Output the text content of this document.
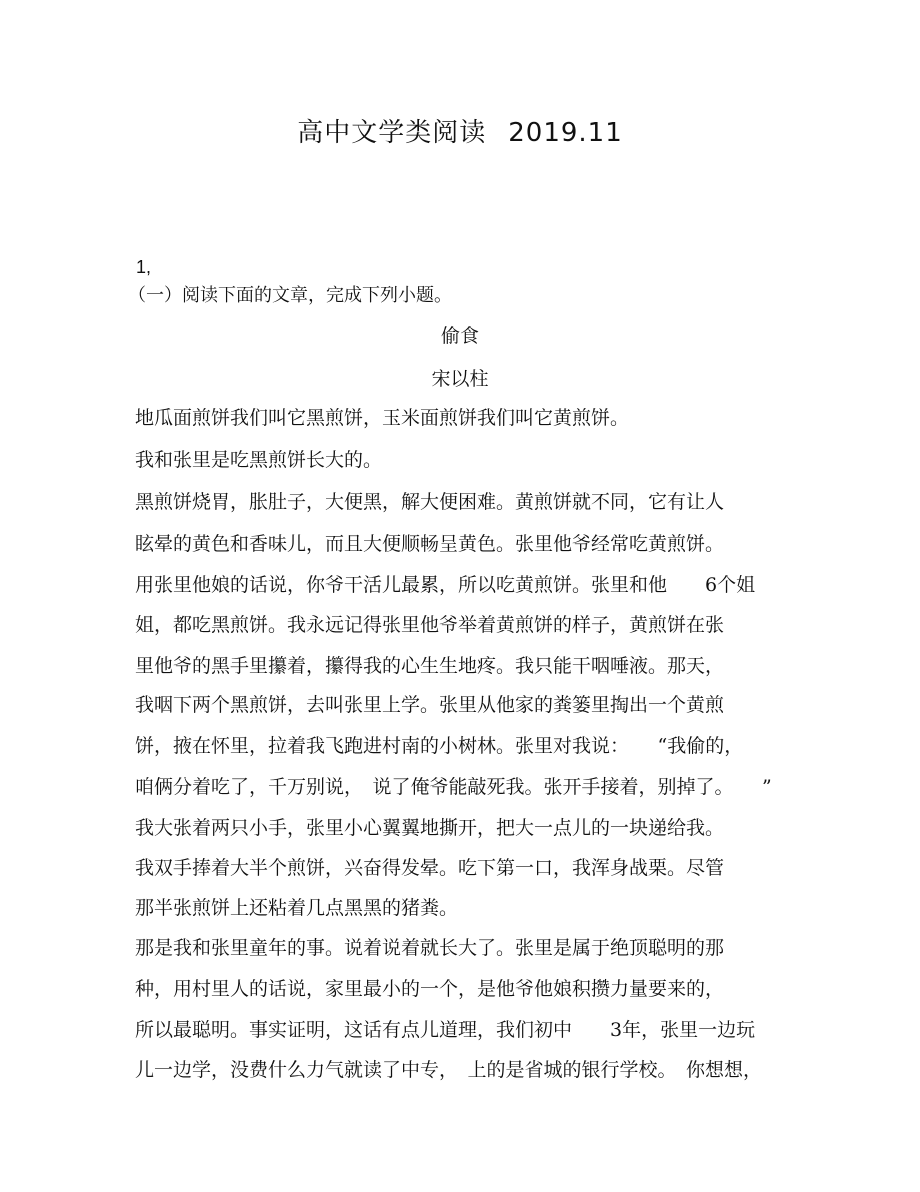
高中文学类阅读 2019.11
1,
（一）阅读下面的文章，完成下列小题。
偷食
宋以柱
地瓜面煎饼我们叫它黑煎饼，玉米面煎饼我们叫它黄煎饼。
我和张里是吃黑煎饼长大的。
黑煎饼烧胃，胀肚子，大便黑，解大便困难。黄煎饼就不同，它有让人
眩晕的黄色和香味儿，而且大便顺畅呈黄色。张里他爷经常吃黄煎饼。
用张里他娘的话说，你爷干活儿最累，所以吃黄煎饼。张里和他　　6个姐
姐，都吃黑煎饼。我永远记得张里他爷举着黄煎饼的样子，黄煎饼在张
里他爷的黑手里攥着，攥得我的心生生地疼。我只能干咽唾液。那天，
我咽下两个黑煎饼，去叫张里上学。张里从他家的粪篓里掏出一个黄煎
饼，掖在怀里，拉着我飞跑进村南的小树林。张里对我说：　　“我偷的，
咱俩分着吃了，千万别说，　说了俺爷能敲死我。张开手接着，别掉了。　　”
我大张着两只小手，张里小心翼翼地撕开，把大一点儿的一块递给我。
我双手捧着大半个煎饼，兴奋得发晕。吃下第一口，我浑身战栗。尽管
那半张煎饼上还粘着几点黑黑的猪粪。
那是我和张里童年的事。说着说着就长大了。张里是属于绝顶聪明的那
种，用村里人的话说，家里最小的一个，是他爷他娘积攒力量要来的，
所以最聪明。事实证明，这话有点儿道理，我们初中　　3年，张里一边玩
儿一边学，没费什么力气就读了中专，　上的是省城的银行学校。　你想想，
